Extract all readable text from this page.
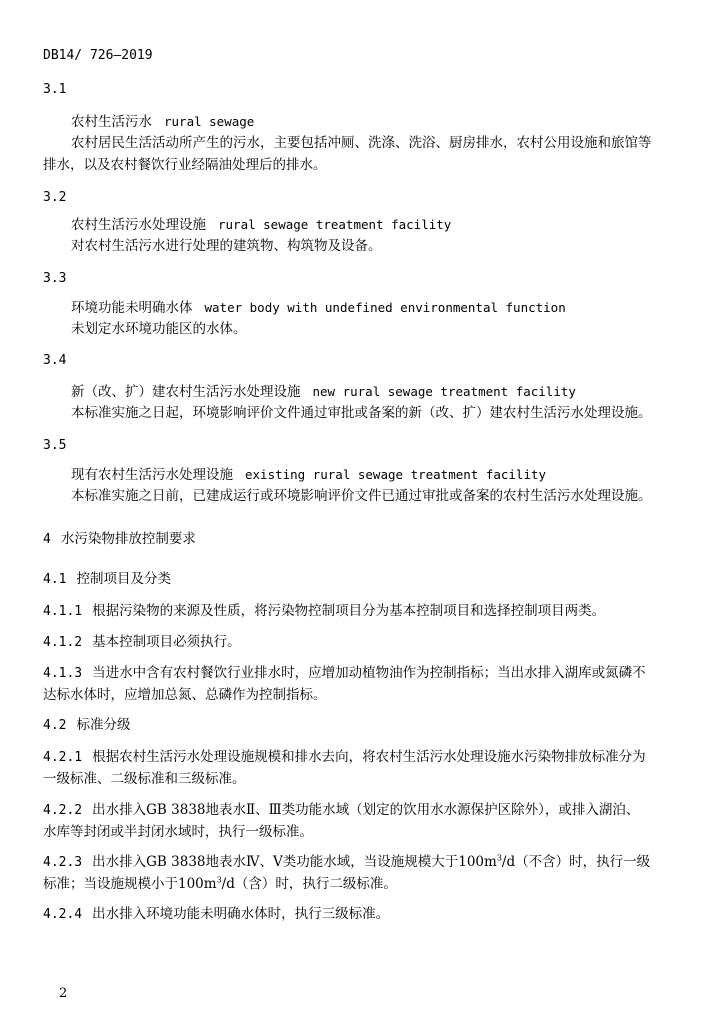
DB14/ 726—2019
3.1
农村生活污水 rural sewage
农村居民生活活动所产生的污水，主要包括冲厕、洗涤、洗浴、厨房排水，农村公用设施和旅馆等
排水，以及农村餐饮行业经隔油处理后的排水。
3.2
农村生活污水处理设施 rural sewage treatment facility
对农村生活污水进行处理的建筑物、构筑物及设备。
3.3
环境功能未明确水体 water body with undefined environmental function
未划定水环境功能区的水体。
3.4
新（改、扩）建农村生活污水处理设施 new rural sewage treatment facility
本标准实施之日起，环境影响评价文件通过审批或备案的新（改、扩）建农村生活污水处理设施。
3.5
现有农村生活污水处理设施 existing rural sewage treatment facility
本标准实施之日前，已建成运行或环境影响评价文件已通过审批或备案的农村生活污水处理设施。
4 水污染物排放控制要求
4.1 控制项目及分类
4.1.1 根据污染物的来源及性质，将污染物控制项目分为基本控制项目和选择控制项目两类。
4.1.2 基本控制项目必须执行。
4.1.3 当进水中含有农村餐饮行业排水时，应增加动植物油作为控制指标；当出水排入湖库或氮磷不
达标水体时，应增加总氮、总磷作为控制指标。
4.2 标准分级
4.2.1 根据农村生活污水处理设施规模和排水去向，将农村生活污水处理设施水污染物排放标准分为
一级标准、二级标准和三级标准。
4.2.2 出水排入GB 3838地表水Ⅱ、Ⅲ类功能水域（划定的饮用水水源保护区除外），或排入湖泊、
水库等封闭或半封闭水域时，执行一级标准。
4.2.3 出水排入GB 3838地表水Ⅳ、Ⅴ类功能水域，当设施规模大于$100m^3/d$（不含）时，执行一级
标准；当设施规模小于$100m^3/d$（含）时，执行二级标准。
4.2.4 出水排入环境功能未明确水体时，执行三级标准。
2
